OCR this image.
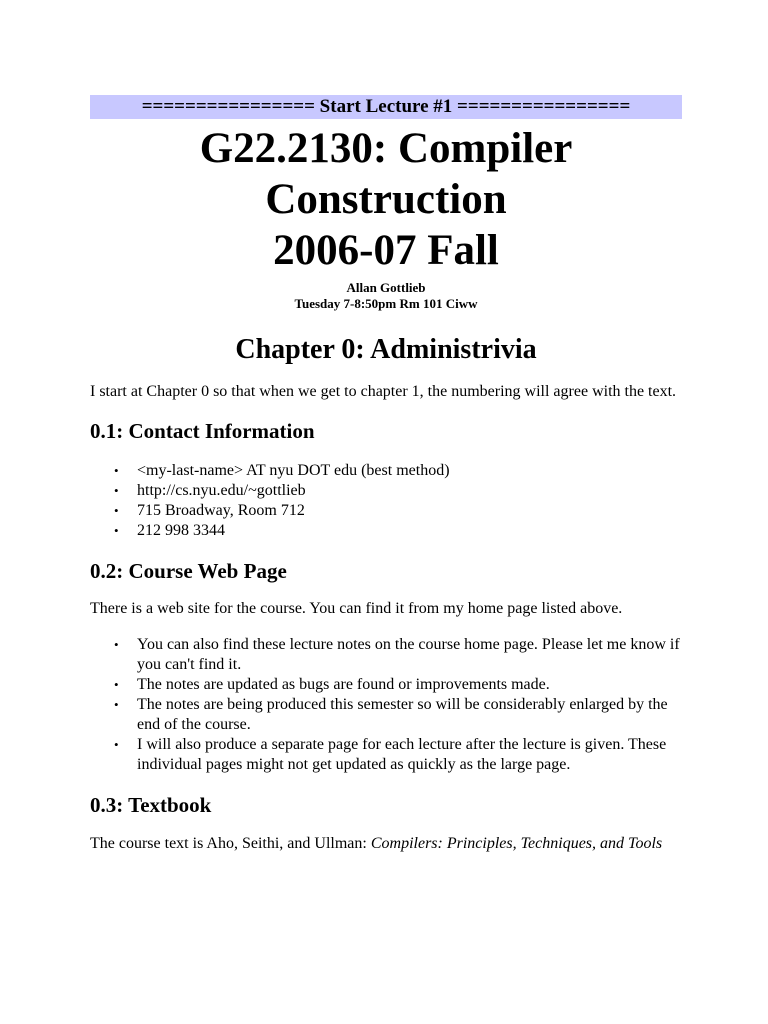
================ Start Lecture #1 ================
G22.2130: Compiler
Construction
2006-07 Fall

Allan Gottlieb

Tuesday 7-8:50pm Rm 101 Ciww

Chapter 0: Administrivia

I start at Chapter 0 so that when we get to chapter 1, the numbering will agree with the text.

0.1: Contact Information
• <my-last-name> AT nyu DOT edu (best method)
• http://cs.nyu.edu/~gottlieb
• 715 Broadway, Room 712
• 212 998 3344
0.2: Course Web Page

There is a web site for the course. You can find it from my home page listed above.

• You can also find these lecture notes on the course home page. Please let me know if you can't find it.
• The notes are updated as bugs are found or improvements made.
• The notes are being produced this semester so will be considerably enlarged by the end of the course.
• I will also produce a separate page for each lecture after the lecture is given. These individual pages might not get updated as quickly as the large page.
0.3: Textbook

The course text is Aho, Seithi, and Ullman: Compilers: Principles, Techniques, and Tools
